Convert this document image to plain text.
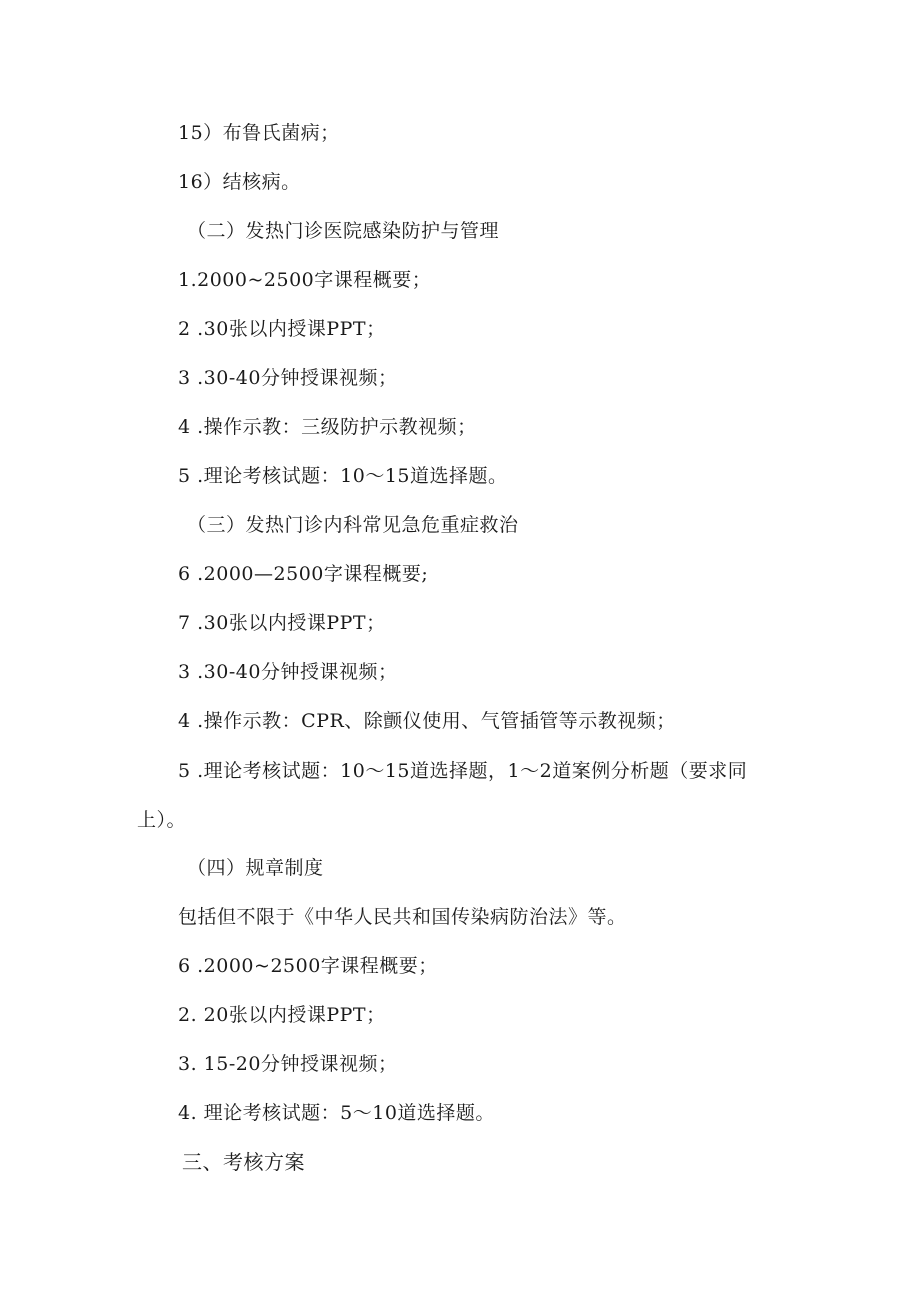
15）布鲁氏菌病；
16）结核病。
（二）发热门诊医院感染防护与管理
1.2000~2500字课程概要；
2 .30张以内授课PPT；
3 .30-40分钟授课视频；
4 .操作示教：三级防护示教视频；
5 .理论考核试题：10～15道选择题。
（三）发热门诊内科常见急危重症救治
6 .2000—2500字课程概要;
7 .30张以内授课PPT；
3 .30-40分钟授课视频；
4 .操作示教：CPR、除颤仪使用、气管插管等示教视频；
5 .理论考核试题：10～15道选择题，1～2道案例分析题（要求同
上）。
（四）规章制度
包括但不限于《中华人民共和国传染病防治法》等。
6 .2000~2500字课程概要；
2. 20张以内授课PPT；
3. 15-20分钟授课视频；
4. 理论考核试题：5～10道选择题。
三、考核方案
